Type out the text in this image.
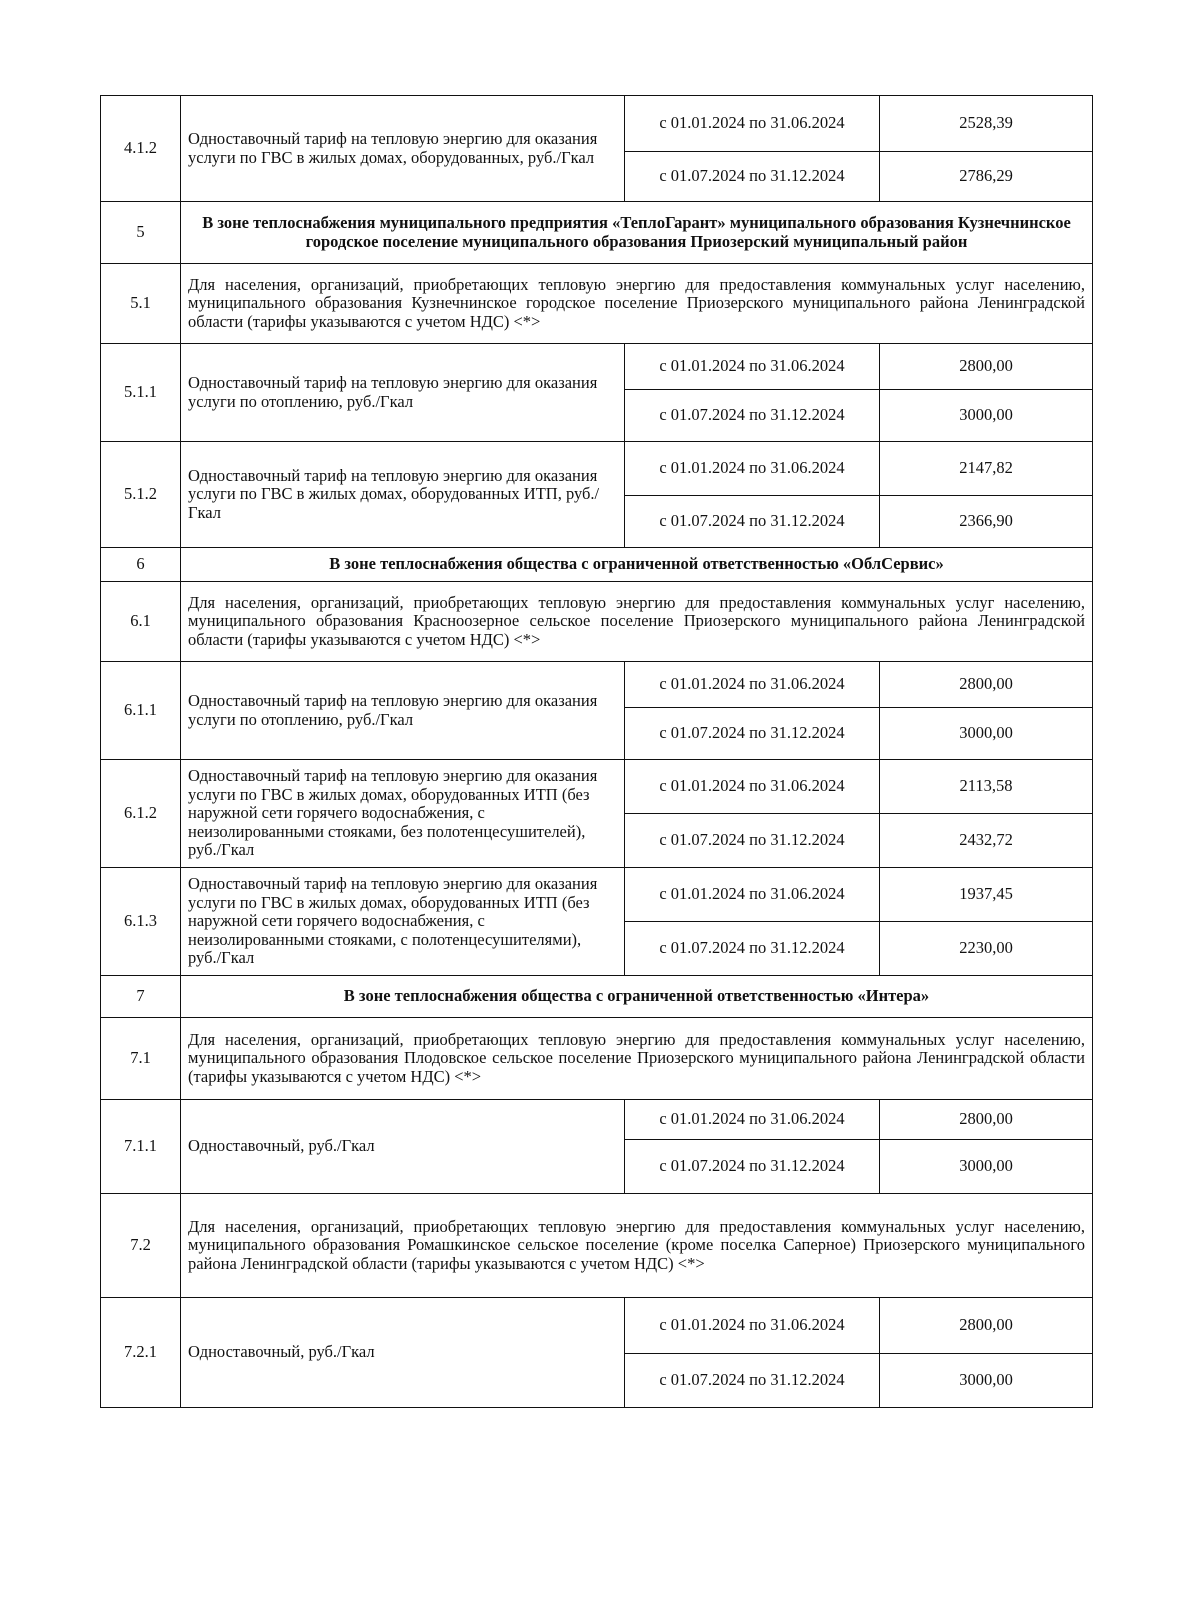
4.1.2	Одноставочный тариф на тепловую энергию для оказания услуги по ГВС в жилых домах, оборудованных, руб./Гкал	с 01.01.2024 по 31.06.2024	2528,39
		с 01.07.2024 по 31.12.2024	2786,29
5	В зоне теплоснабжения муниципального предприятия «ТеплоГарант» муниципального образования Кузнечнинское городское поселение муниципального образования Приозерский муниципальный район		
5.1	Для населения, организаций, приобретающих тепловую энергию для предоставления коммунальных услуг населению, муниципального образования Кузнечнинское городское поселение Приозерского муниципального района Ленинградской области (тарифы указываются с учетом НДС) <*>		
5.1.1	Одноставочный тариф на тепловую энергию для оказания услуги по отоплению, руб./Гкал	с 01.01.2024 по 31.06.2024	2800,00
		с 01.07.2024 по 31.12.2024	3000,00
5.1.2	Одноставочный тариф на тепловую энергию для оказания услуги по ГВС в жилых домах, оборудованных ИТП, руб./Гкал	с 01.01.2024 по 31.06.2024	2147,82
		с 01.07.2024 по 31.12.2024	2366,90
6	В зоне теплоснабжения общества с ограниченной ответственностью «ОблСервис»		
6.1	Для населения, организаций, приобретающих тепловую энергию для предоставления коммунальных услуг населению, муниципального образования Красноозерное сельское поселение Приозерского муниципального района Ленинградской области (тарифы указываются с учетом НДС) <*>		
6.1.1	Одноставочный тариф на тепловую энергию для оказания услуги по отоплению, руб./Гкал	с 01.01.2024 по 31.06.2024	2800,00
		с 01.07.2024 по 31.12.2024	3000,00
6.1.2	Одноставочный тариф на тепловую энергию для оказания услуги по ГВС в жилых домах, оборудованных ИТП (без наружной сети горячего водоснабжения, с неизолированными стояками, без полотенцесушителей), руб./Гкал	с 01.01.2024 по 31.06.2024	2113,58
		с 01.07.2024 по 31.12.2024	2432,72
6.1.3	Одноставочный тариф на тепловую энергию для оказания услуги по ГВС в жилых домах, оборудованных ИТП (без наружной сети горячего водоснабжения, с неизолированными стояками, с полотенцесушителями), руб./Гкал	с 01.01.2024 по 31.06.2024	1937,45
		с 01.07.2024 по 31.12.2024	2230,00
7	В зоне теплоснабжения общества с ограниченной ответственностью «Интера»		
7.1	Для населения, организаций, приобретающих тепловую энергию для предоставления коммунальных услуг населению, муниципального образования Плодовское сельское поселение Приозерского муниципального района Ленинградской области (тарифы указываются с учетом НДС) <*>		
7.1.1	Одноставочный, руб./Гкал	с 01.01.2024 по 31.06.2024	2800,00
		с 01.07.2024 по 31.12.2024	3000,00
7.2	Для населения, организаций, приобретающих тепловую энергию для предоставления коммунальных услуг населению, муниципального образования Ромашкинское сельское поселение (кроме поселка Саперное) Приозерского муниципального района Ленинградской области (тарифы указываются с учетом НДС) <*>		
7.2.1	Одноставочный, руб./Гкал	с 01.01.2024 по 31.06.2024	2800,00
		с 01.07.2024 по 31.12.2024	3000,00
